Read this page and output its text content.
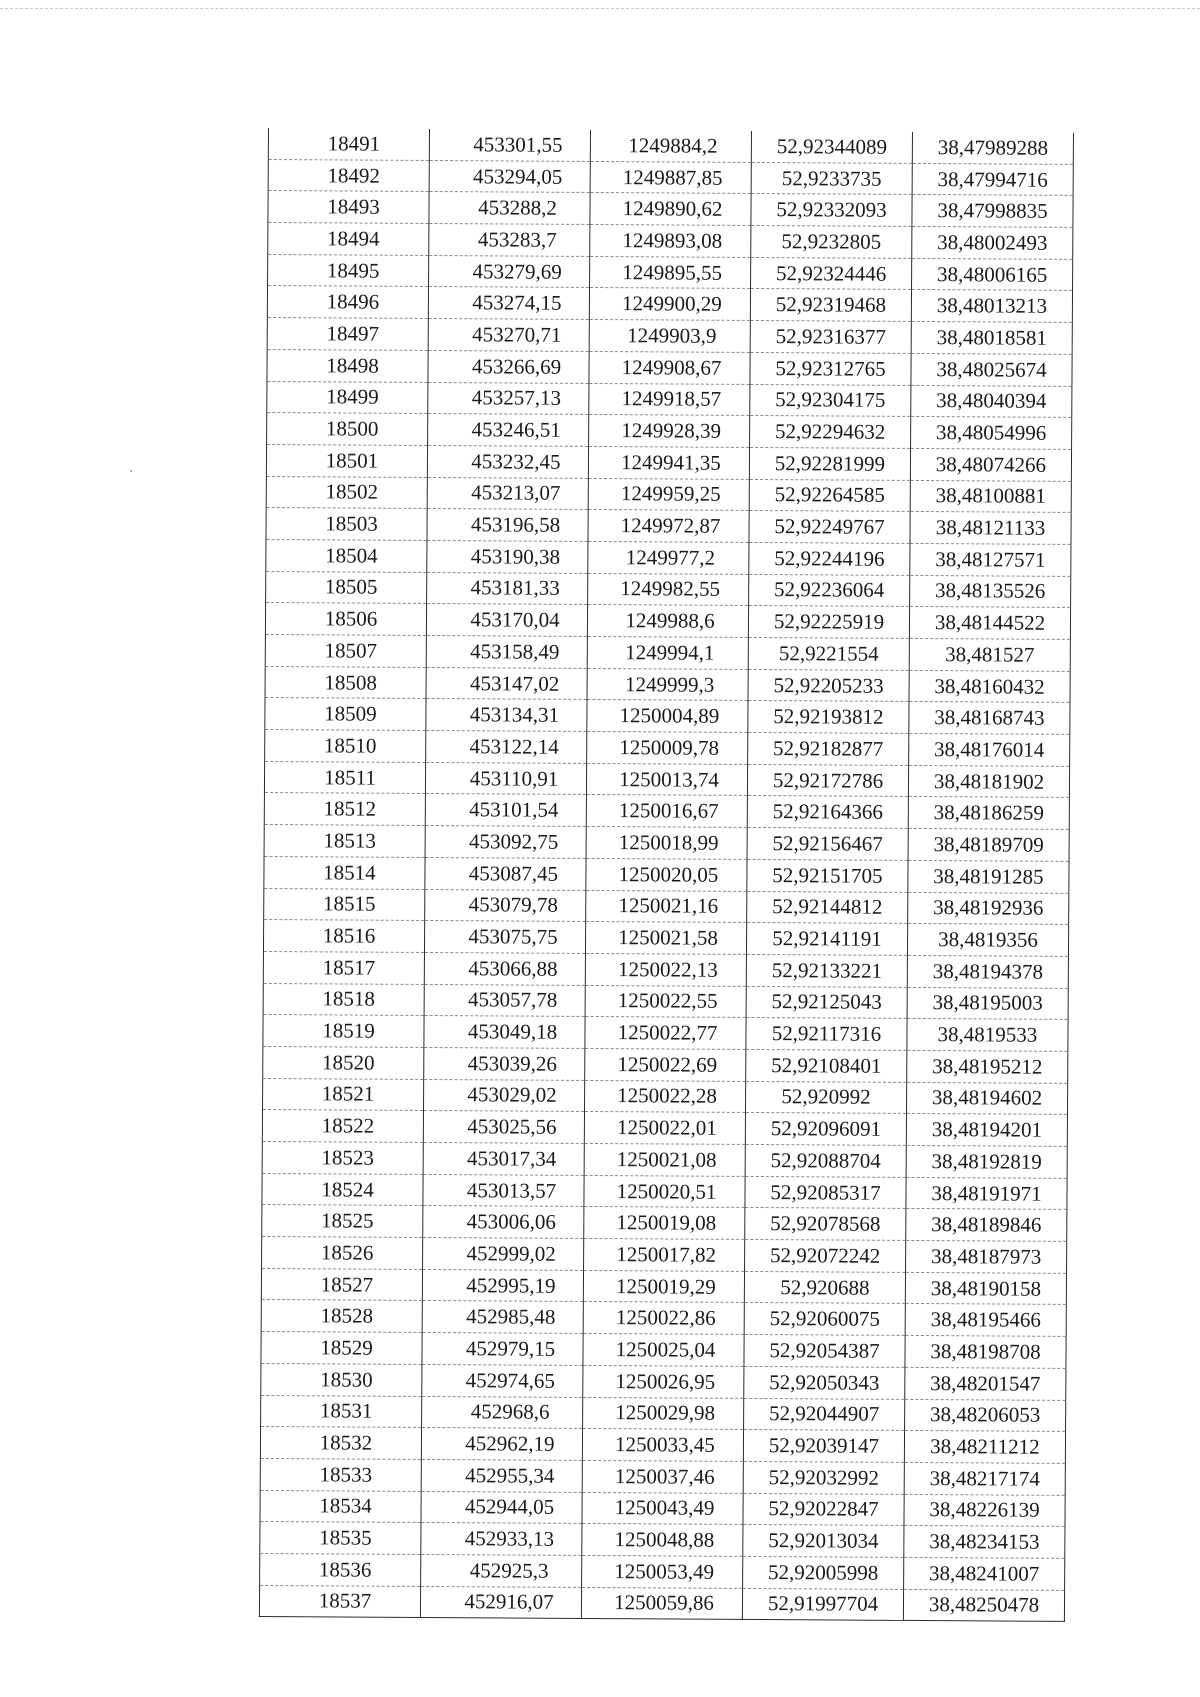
18491	453301,55	1249884,2	52,92344089	38,47989288
18492	453294,05	1249887,85	52,9233735	38,47994716
18493	453288,2	1249890,62	52,92332093	38,47998835
18494	453283,7	1249893,08	52,9232805	38,48002493
18495	453279,69	1249895,55	52,92324446	38,48006165
18496	453274,15	1249900,29	52,92319468	38,48013213
18497	453270,71	1249903,9	52,92316377	38,48018581
18498	453266,69	1249908,67	52,92312765	38,48025674
18499	453257,13	1249918,57	52,92304175	38,48040394
18500	453246,51	1249928,39	52,92294632	38,48054996
18501	453232,45	1249941,35	52,92281999	38,48074266
18502	453213,07	1249959,25	52,92264585	38,48100881
18503	453196,58	1249972,87	52,92249767	38,48121133
18504	453190,38	1249977,2	52,92244196	38,48127571
18505	453181,33	1249982,55	52,92236064	38,48135526
18506	453170,04	1249988,6	52,92225919	38,48144522
18507	453158,49	1249994,1	52,9221554	38,481527
18508	453147,02	1249999,3	52,92205233	38,48160432
18509	453134,31	1250004,89	52,92193812	38,48168743
18510	453122,14	1250009,78	52,92182877	38,48176014
18511	453110,91	1250013,74	52,92172786	38,48181902
18512	453101,54	1250016,67	52,92164366	38,48186259
18513	453092,75	1250018,99	52,92156467	38,48189709
18514	453087,45	1250020,05	52,92151705	38,48191285
18515	453079,78	1250021,16	52,92144812	38,48192936
18516	453075,75	1250021,58	52,92141191	38,4819356
18517	453066,88	1250022,13	52,92133221	38,48194378
18518	453057,78	1250022,55	52,92125043	38,48195003
18519	453049,18	1250022,77	52,92117316	38,4819533
18520	453039,26	1250022,69	52,92108401	38,48195212
18521	453029,02	1250022,28	52,920992	38,48194602
18522	453025,56	1250022,01	52,92096091	38,48194201
18523	453017,34	1250021,08	52,92088704	38,48192819
18524	453013,57	1250020,51	52,92085317	38,48191971
18525	453006,06	1250019,08	52,92078568	38,48189846
18526	452999,02	1250017,82	52,92072242	38,48187973
18527	452995,19	1250019,29	52,920688	38,48190158
18528	452985,48	1250022,86	52,92060075	38,48195466
18529	452979,15	1250025,04	52,92054387	38,48198708
18530	452974,65	1250026,95	52,92050343	38,48201547
18531	452968,6	1250029,98	52,92044907	38,48206053
18532	452962,19	1250033,45	52,92039147	38,48211212
18533	452955,34	1250037,46	52,92032992	38,48217174
18534	452944,05	1250043,49	52,92022847	38,48226139
18535	452933,13	1250048,88	52,92013034	38,48234153
18536	452925,3	1250053,49	52,92005998	38,48241007
18537	452916,07	1250059,86	52,91997704	38,48250478
